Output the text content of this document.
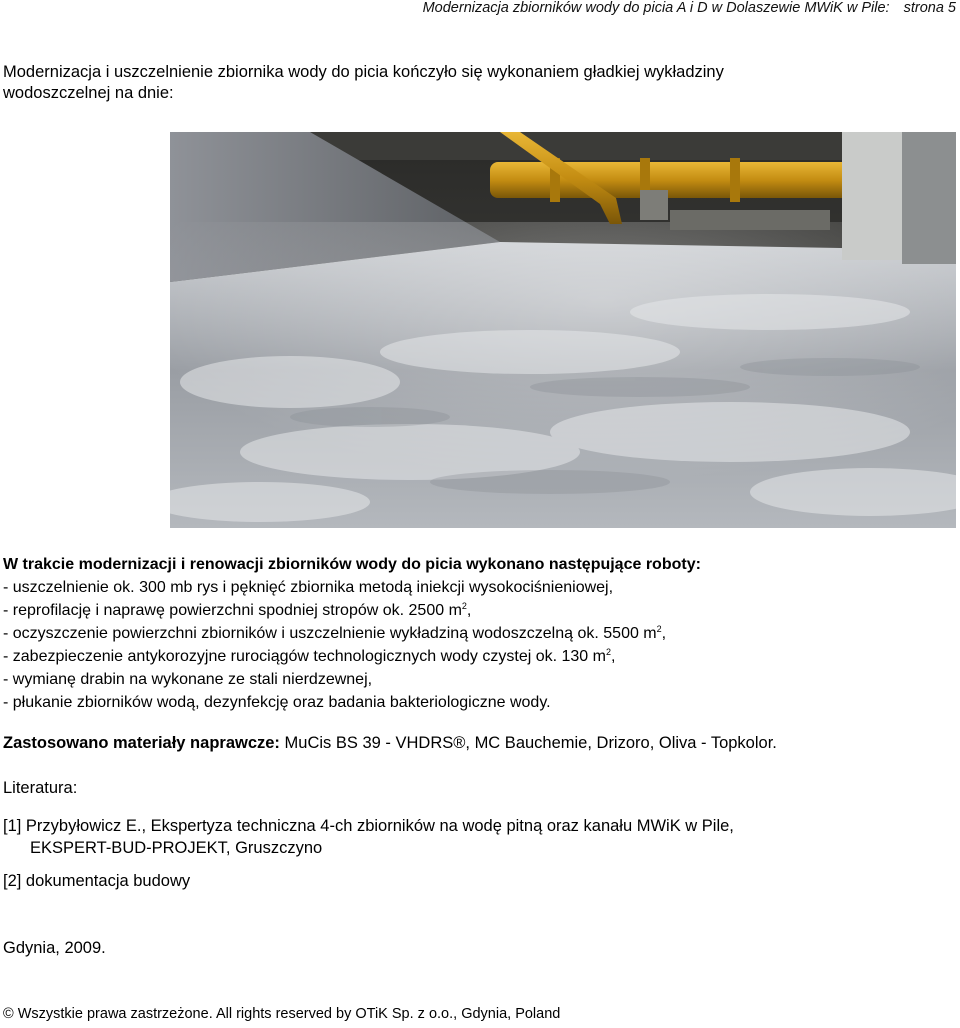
Modernizacja zbiorników wody do picia A i D w Dolaszewie MWiK w Pile: strona 5
Modernizacja i uszczelnienie zbiornika wody do picia kończyło się wykonaniem gładkiej wykładziny
wodoszczelnej na dnie:
W trakcie modernizacji i renowacji zbiorników wody do picia wykonano następujące roboty:
- uszczelnienie ok. 300 mb rys i pęknięć zbiornika metodą iniekcji wysokociśnieniowej,
- reprofilację i naprawę powierzchni spodniej stropów ok. 2500 $m^2$,
- oczyszczenie powierzchni zbiorników i uszczelnienie wykładziną wodoszczelną ok. 5500 $m^2$,
- zabezpieczenie antykorozyjne rurociągów technologicznych wody czystej ok. 130 $m^2$,
- wymianę drabin na wykonane ze stali nierdzewnej,
- płukanie zbiorników wodą, dezynfekcję oraz badania bakteriologiczne wody.
Zastosowano materiały naprawcze: MuCis BS 39 - VHDRS®, MC Bauchemie, Drizoro, Oliva - Topkolor.
Literatura:
[1] Przybyłowicz E., Ekspertyza techniczna 4-ch zbiorników na wodę pitną oraz kanału MWiK w Pile,
EKSPERT-BUD-PROJEKT, Gruszczyno
[2] dokumentacja budowy
Gdynia, 2009.
© Wszystkie prawa zastrzeżone. All rights reserved by OTiK Sp. z o.o., Gdynia, Poland
